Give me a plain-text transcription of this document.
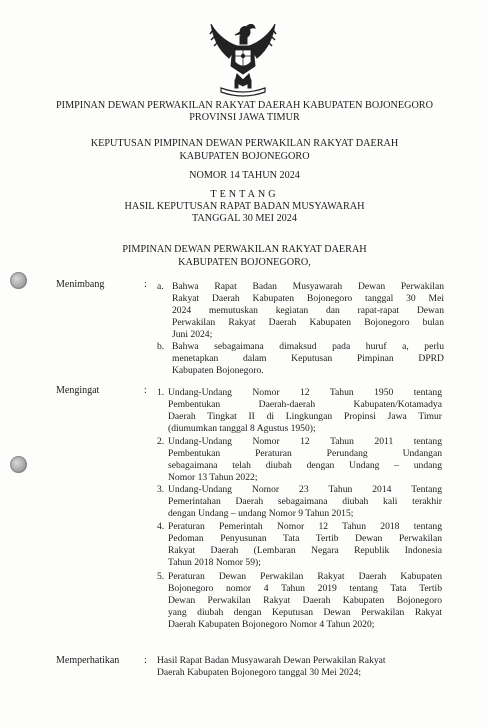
PIMPINAN DEWAN PERWAKILAN RAKYAT DAERAH KABUPATEN BOJONEGORO
PROVINSI JAWA TIMUR
KEPUTUSAN PIMPINAN DEWAN PERWAKILAN RAKYAT DAERAH
KABUPATEN BOJONEGORO
NOMOR 14 TAHUN 2024
TENTANG
HASIL KEPUTUSAN RAPAT BADAN MUSYAWARAH
TANGGAL 30 MEI 2024
PIMPINAN DEWAN PERWAKILAN RAKYAT DAERAH
KABUPATEN BOJONEGORO,
Menimbang	: a. Bahwa Rapat Badan Musyawarah Dewan Perwakilan
Rakyat Daerah Kabupaten Bojonegoro tanggal 30 Mei
2024 memutuskan kegiatan dan rapat-rapat Dewan
Perwakilan Rakyat Daerah Kabupaten Bojonegoro bulan
Juni 2024;
b. Bahwa sebagaimana dimaksud pada huruf a, perlu
menetapkan dalam Keputusan Pimpinan DPRD
Kabupaten Bojonegoro.
Mengingat	: 1. Undang-Undang Nomor 12 Tahun 1950 tentang
Pembentukan Daerah-daerah Kabupaten/Kotamadya
Daerah Tingkat II di Lingkungan Propinsi Jawa Timur
(diumumkan tanggal 8 Agustus 1950);
2. Undang-Undang Nomor 12 Tahun 2011 tentang
Pembentukan Peraturan Perundang Undangan
sebagaimana telah diubah dengan Undang – undang
Nomor 13 Tahun 2022;
3. Undang-Undang Nomor 23 Tahun 2014 Tentang
Pemerintahan Daerah sebagaimana diubah kali terakhir
dengan Undang – undang Nomor 9 Tahun 2015;
4. Peraturan Pemerintah Nomor 12 Tahun 2018 tentang
Pedoman Penyusunan Tata Tertib Dewan Perwakilan
Rakyat Daerah (Lembaran Negara Republik Indonesia
Tahun 2018 Nomor 59);
5. Peraturan Dewan Perwakilan Rakyat Daerah Kabupaten
Bojonegoro nomor 4 Tahun 2019 tentang Tata Tertib
Dewan Perwakilan Rakyat Daerah Kabupaten Bojonegoro
yang diubah dengan Keputusan Dewan Perwakilan Rakyat
Daerah Kabupaten Bojonegoro Nomor 4 Tahun 2020;
Memperhatikan : Hasil Rapat Badan Musyawarah Dewan Perwakilan Rakyat
Daerah Kabupaten Bojonegoro tanggal 30 Mei 2024;
